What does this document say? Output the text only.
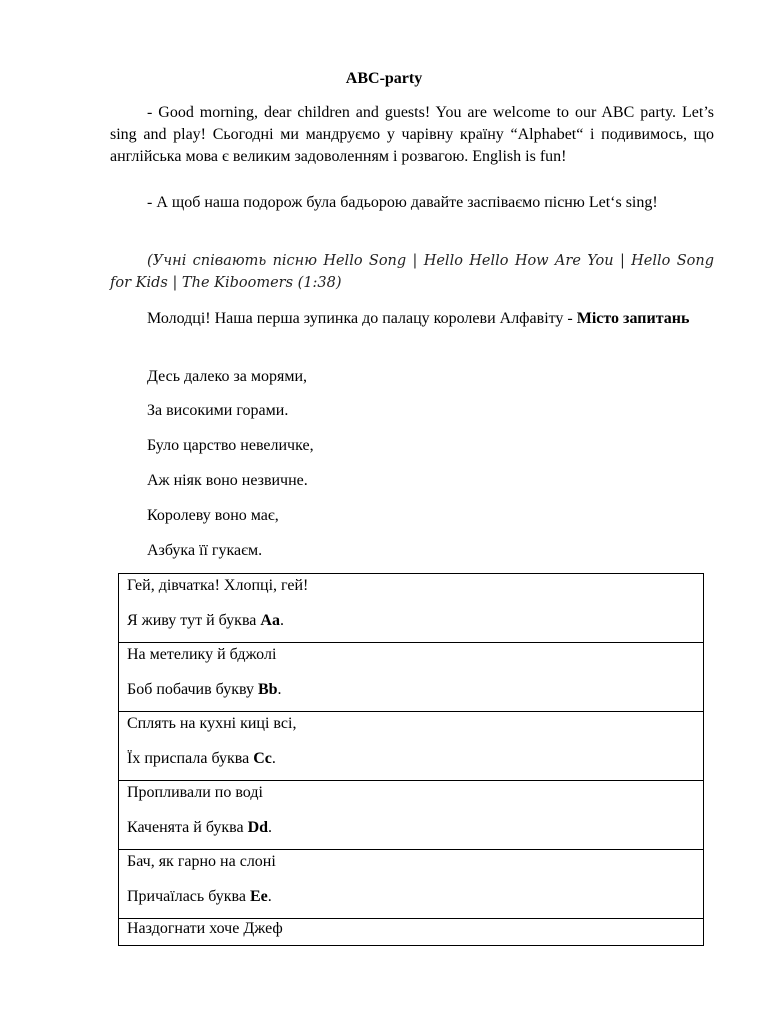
ABC-party
- Good morning, dear children and guests! You are welcome to our ABC party. Let’s sing and play! Сьогодні ми мандруємо у чарівну країну “Alphabet“ і подивимось, що англійська мова є великим задоволенням і розвагою. English is fun!
- А щоб наша подорож була бадьорою давайте заспіваємо пісню Let‘s sing!
(Учні співають пісню Hello Song | Hello Hello How Are You | Hello Song for Kids | The Kiboomers (1:38)
Молодці! Наша перша зупинка до палацу королеви Алфавіту - Місто запитань
Десь далеко за морями,
За високими горами.
Було царство невеличке,
Аж ніяк воно незвичне.
Королеву воно має,
Азбука її гукаєм.
Гей, дівчатка! Хлопці, гей!
Я живу тут й буква Aa.

На метелику й бджолі
Боб побачив букву Bb.

Сплять на кухні киці всі,
Їх приспала буква Cc.

Пропливали по воді
Каченята й буква Dd.

Бач, як гарно на слоні
Причаїлась буква Ee.

Наздогнати хоче Джеф
